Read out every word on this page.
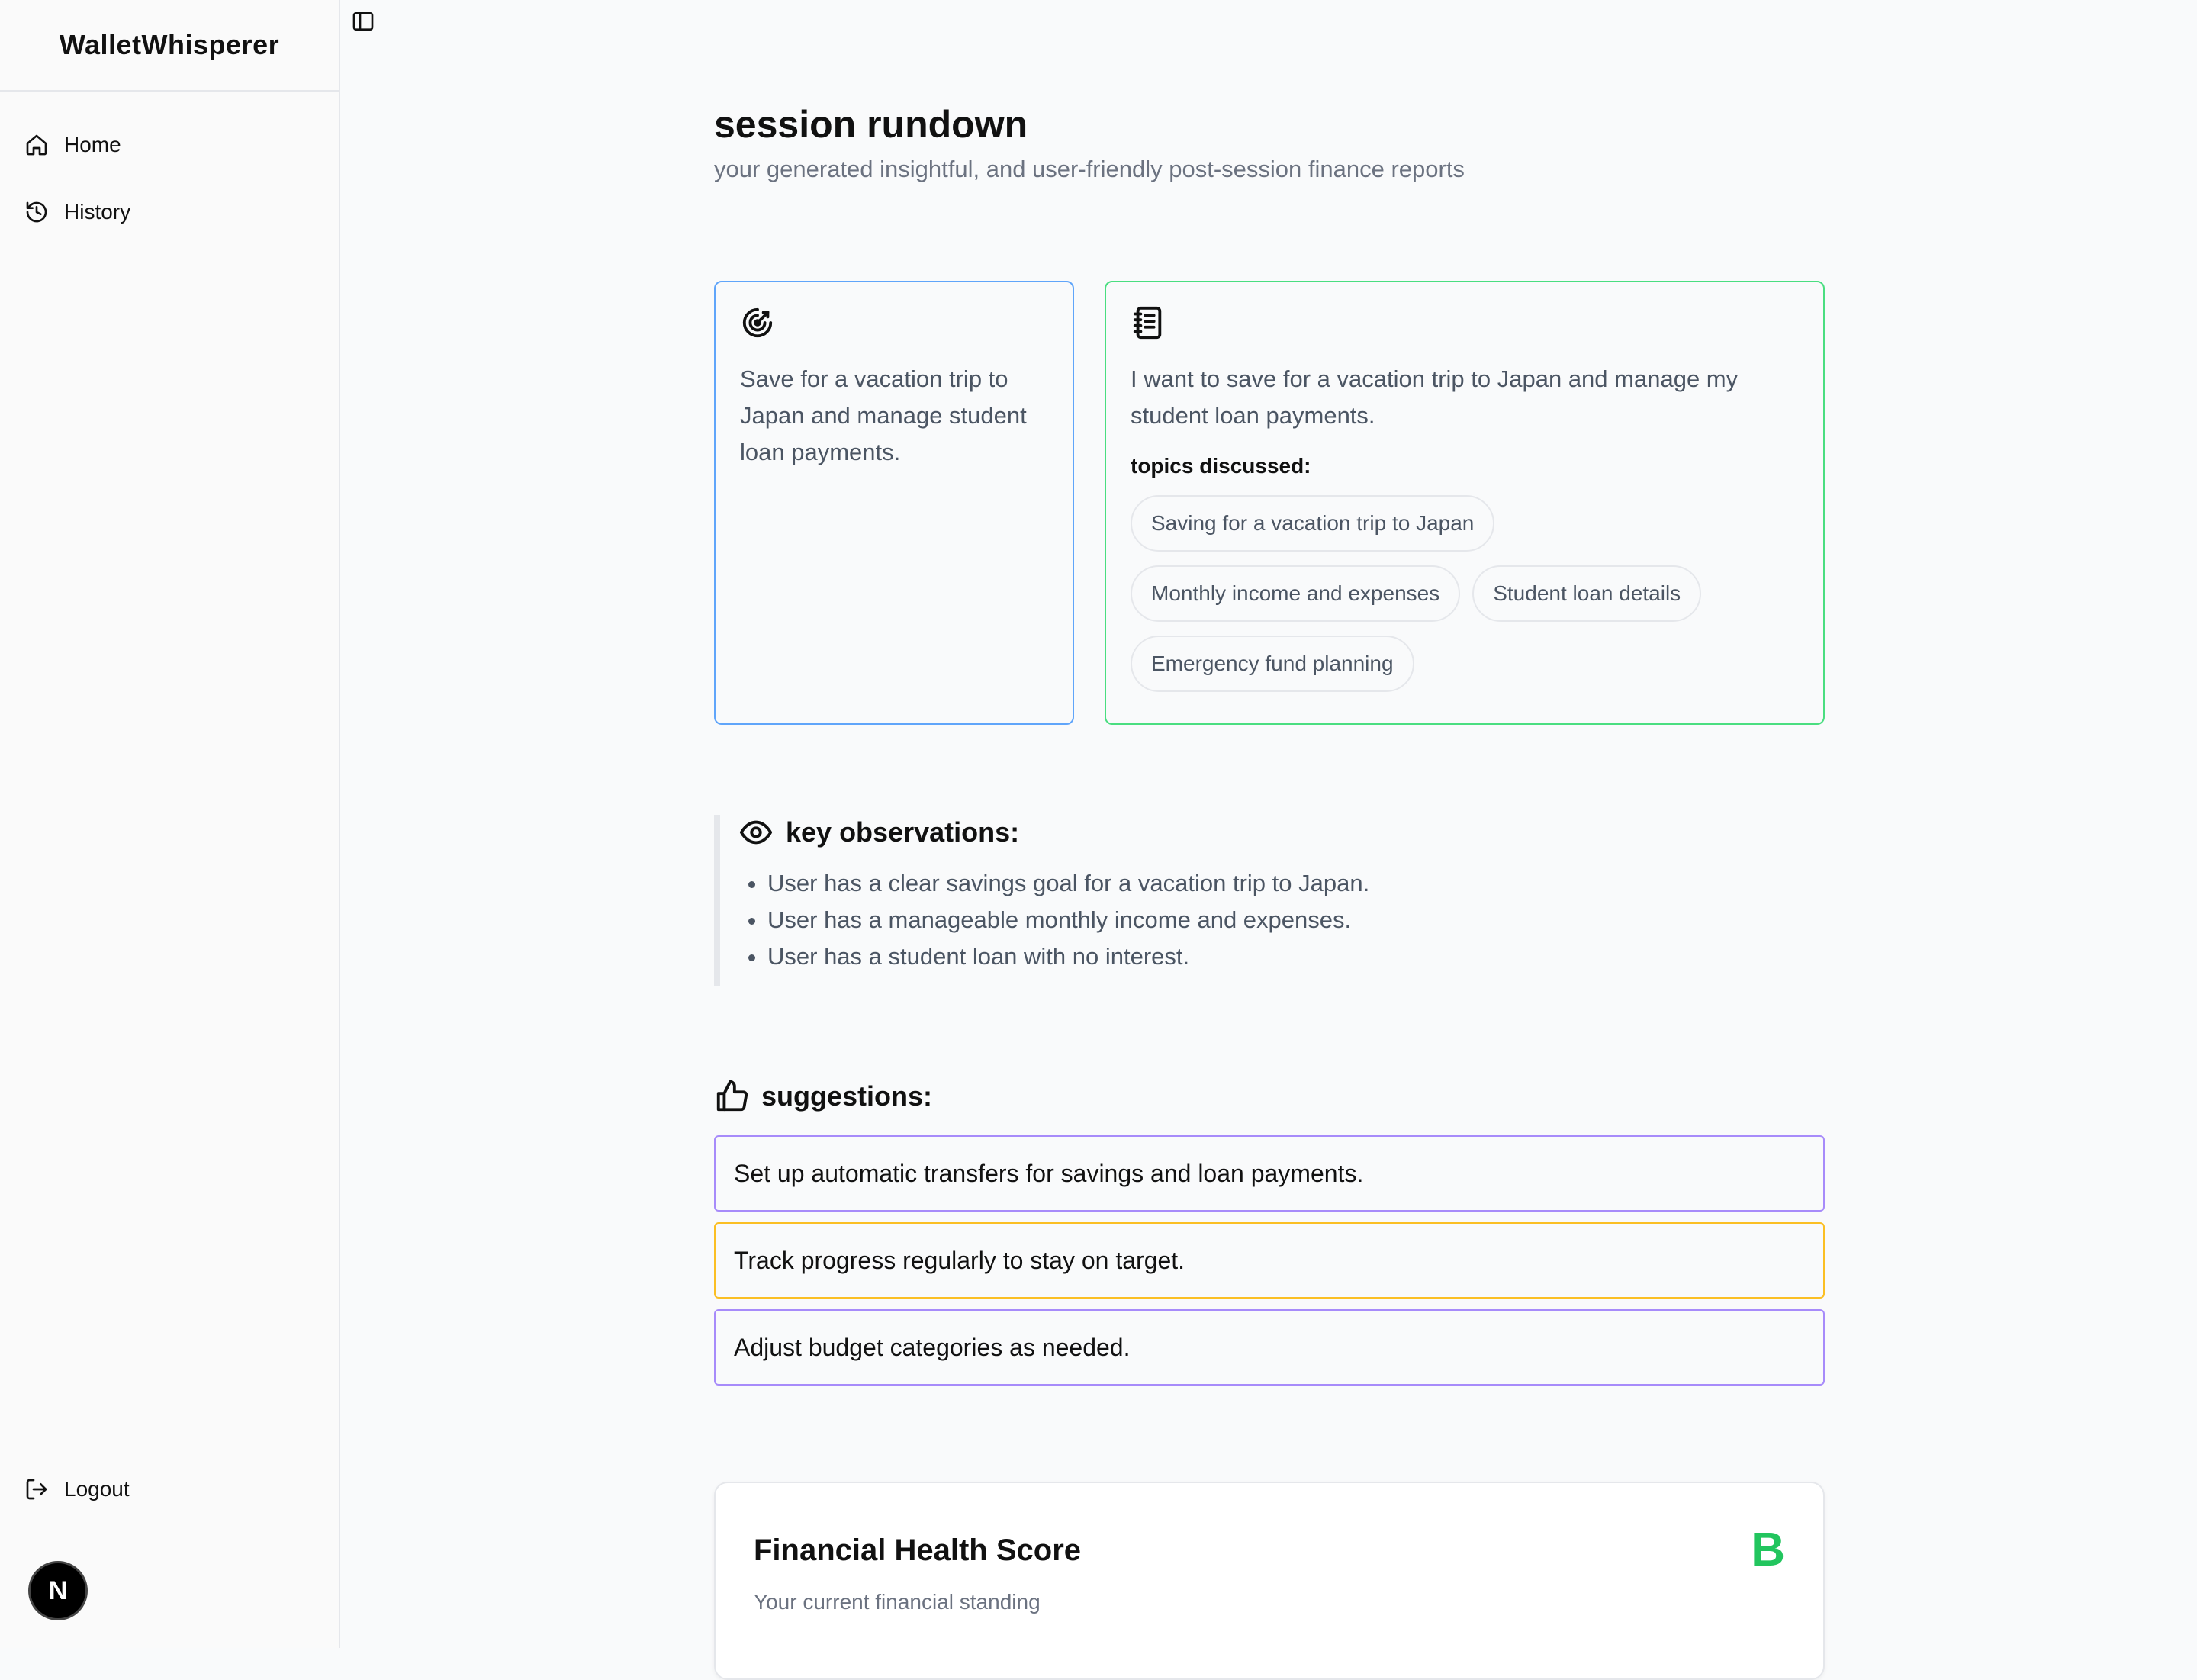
WalletWhisperer
Home
History
Logout
N
session rundown

your generated insightful, and user-friendly post-session finance reports

Save for a vacation trip to Japan and manage student loan payments.

I want to save for a vacation trip to Japan and manage my student loan payments.

topics discussed:
Saving for a vacation trip to Japan
Monthly income and expenses	Student loan details
Emergency fund planning
key observations:
• User has a clear savings goal for a vacation trip to Japan.
• User has a manageable monthly income and expenses.
• User has a student loan with no interest.
suggestions:
Set up automatic transfers for savings and loan payments.
Track progress regularly to stay on target.
Adjust budget categories as needed.
Financial Health Score

Your current financial standing

B
